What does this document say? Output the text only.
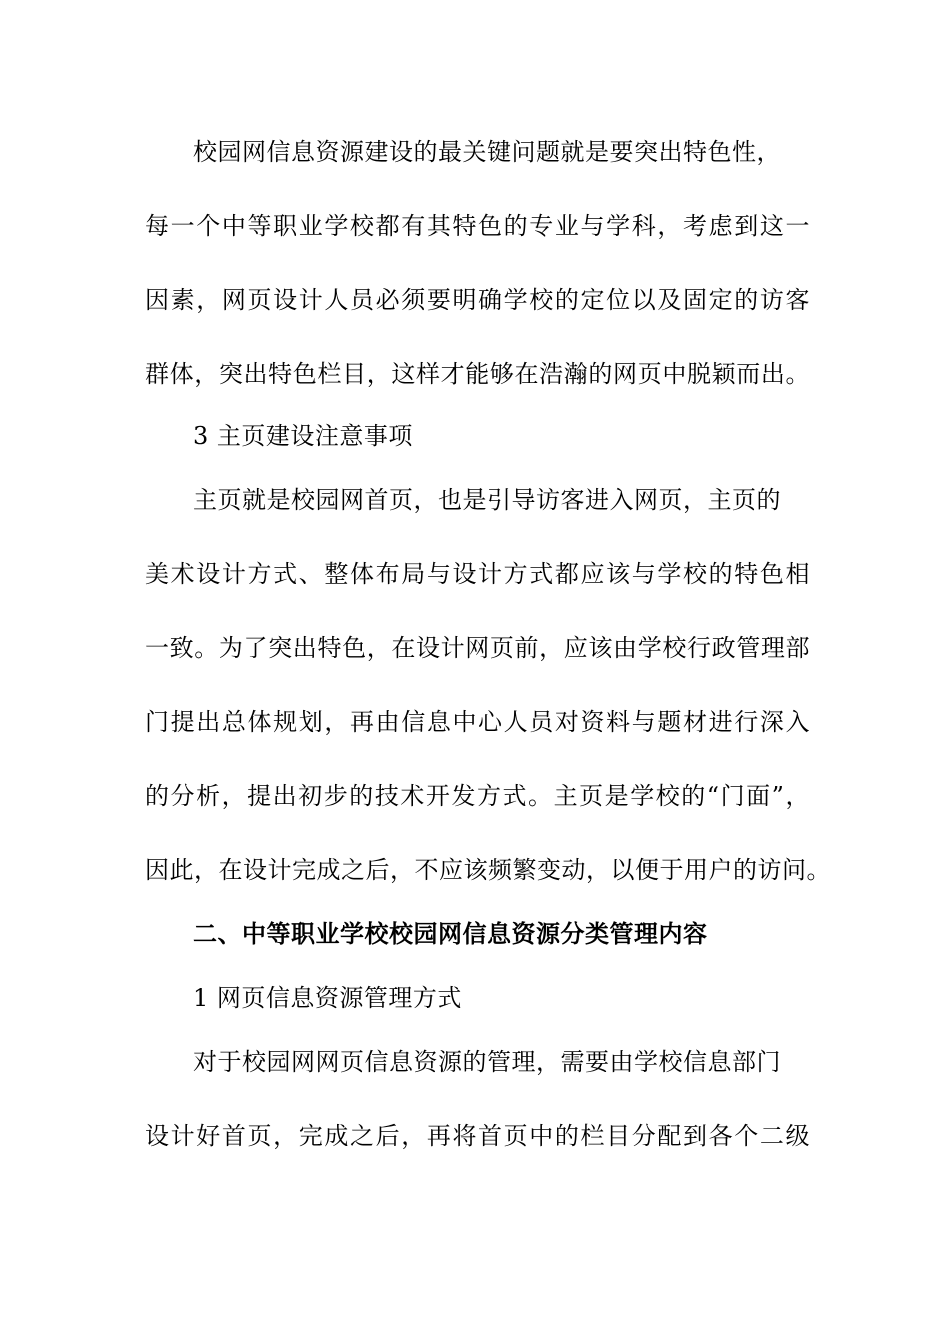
校园网信息资源建设的最关键问题就是要突出特色性，
每一个中等职业学校都有其特色的专业与学科，考虑到这一
因素，网页设计人员必须要明确学校的定位以及固定的访客
群体，突出特色栏目，这样才能够在浩瀚的网页中脱颖而出。
3 主页建设注意事项
主页就是校园网首页，也是引导访客进入网页，主页的
美术设计方式、整体布局与设计方式都应该与学校的特色相
一致。为了突出特色，在设计网页前，应该由学校行政管理部
门提出总体规划，再由信息中心人员对资料与题材进行深入
的分析，提出初步的技术开发方式。主页是学校的“门面”，
因此，在设计完成之后，不应该频繁变动，以便于用户的访问。
二、中等职业学校校园网信息资源分类管理内容
1 网页信息资源管理方式
对于校园网网页信息资源的管理，需要由学校信息部门
设计好首页，完成之后，再将首页中的栏目分配到各个二级
